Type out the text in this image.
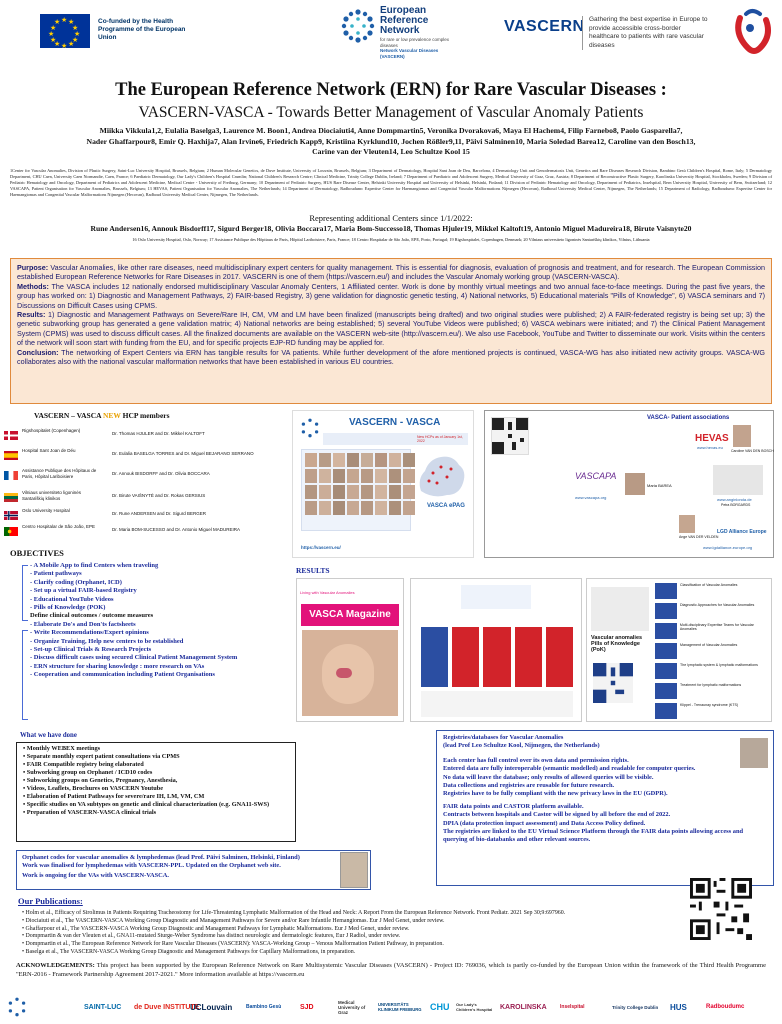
★ ★
★
★
★
★
★
★
★
★
★
★	Co-funded by the Health Programme of the European Union
European
Reference
Network
for rare or low prevalence complex diseases
Network Vascular Diseases (VASCERN)
VASCERN Gathering the best expertise in Europe to provide accessible cross-border healthcare to patients with rare vascular diseases
The European Reference Network (ERN) for Rare Vascular Diseases :
VASCERN-VASCA - Towards Better Management of Vascular Anomaly Patients
Miikka Vikkula1,2, Eulalia Baselga3, Laurence M. Boon1, Andrea Diociaiuti4, Anne Dompmartin5, Veronika Dvorakova6, Maya El Hachem4, Filip Farnebo8, Paolo Gasparella7,
Nader Ghaffarpour8, Emir Q. Haxhija7, Alan Irvine6, Friedrich Kapp9, Kristiina Kyrklund10, Jochen Rößler9,11, Päivi Salminen10, Maria Soledad Barea12, Caroline van den Bosch13,
Carine van der Vleuten14, Leo Schultze Kool 15
1Center for Vascular Anomalies, Division of Plastic Surgery, Saint-Luc University Hospital, Brussels, Belgium; 2 Human Molecular Genetics, de Duve Institute, University of Louvain, Brussels, Belgium; 3 Department of Dermatology, Hospital Sant Joan de Deu, Barcelona, 4 Dermatology Unit and Genodermatosis Unit, Genetics and Rare Diseases Research Division, Bambino Gesù Children's Hospital, Rome, Italy; 5 Dermatology Department, CHU Caen, University Caen Normandie, Caen, France; 6 Paediatric Dermatology, Our Lady's Children's Hospital Crumlin; National Children's Research Centre; Clinical Medicine, Trinity College Dublin, Ireland; 7 Department of Paediatric and Adolescent Surgery, Medical University of Graz, Graz, Austria; 8 Department of Reconstructive Plastic Surgery, Karolinska University Hospital, Stockholm, Sweden; 9 Division of Pediatric Hematology and Oncology, Department of Pediatrics and Adolescent Medicine, Medical Centre - University of Freiburg, Germany; 10 Department of Pediatric Surgery, HUS Rare Disease Center, Helsinki University Hospital and University of Helsinki, Helsinki, Finland; 11 Division of Pediatric Hematology and Oncology, Department of Pediatrics, Inselspital, Bern University Hospital, University of Bern, Switzerland; 12 VASCAPA, Patient Organisation for Vascular Anomalies, Brussels, Belgium; 13 HEVAS, Patient Organisation for Vascular Anomalies, The Netherlands; 14 Department of Dermatology, Radboudumc Expertise Center for Haemangiomas and Congenital Vascular Malformations Nijmegen (Hecovan), Radboud University Medical Center, Nijmegen, The Netherlands; 15 Department of Radiology, Radboudumc Expertise Center for Haemangiomas and Congenital Vascular Malformations Nijmegen (Hecovan), Radboud University Medical Center, Nijmegen, The Netherlands.
Representing additional Centers since 1/1/2022:
Rune Andersen16, Annouk Bisdorff17, Sigurd Berger18, Olivia Boccara17, Maria Bom-Successo18, Thomas Hjuler19, Mikkel Kaltoft19, Antonio Miguel Madureira18, Birute Vaisnyte20
16 Oslo University Hospital, Oslo, Norway; 17 Assistance Publique des Hôpitaux de Paris, Hôpital Lariboisiere, Paris, France; 18 Centro Hospitalar de São João, EPE, Porto, Portugal; 19 Rigshospitalet, Copenhagen, Denmark; 20 Vilniaus universiteto ligoninės Santariškių klinikos, Vilnius, Lithuania

Purpose: Vascular Anomalies, like other rare diseases, need multidisciplinary expert centers for quality management. This is essential for diagnosis, evaluation of prognosis and treatment, and for research. The European Commission established European Reference Networks for Rare Diseases in 2017. VASCERN is one of them (https://vascern.eu/) and includes the Vascular Anomaly working group (VASCERN-VASCA).

Methods: The VASCA includes 12 nationally endorsed multidisciplinary Vascular Anomaly Centers, 1 Affiliated center. Work is done by monthly virtual meetings and two annual face-to-face meetings. During the past five years, the group has worked on: 1) Diagnostic and Management Pathways, 2) FAIR-based Registry, 3) gene validation for diagnostic genetic testing, 4) National networks, 5) Educational materials "Pills of Knowledge", 6) VASCA seminars and 7) Discussions on Difficult Cases using CPMS.

Results: 1) Diagnostic and Management Pathways on Severe/Rare IH, CM, VM and LM have been finalized (manuscripts being drafted) and two original studies were published; 2) A FAIR-federated registry is being set up; 3) the genetic subworking group has generated a gene validation matrix; 4) National networks are being established; 5) several YouTube Videos were published; 6) VASCA webinars were initiated; and 7) the Clinical Patient Management System (CPMS) was used to discuss difficult cases. All the finalized documents are available on the VASCERN web-site (http://vascern.eu/). We also use Facebook, YouTube and Twitter to disseminate our work. Visits within the centers of the network will soon start with funding from the EU, and for specific projects EJP-RD funding may be applied for.

Conclusion: The networking of Expert Centers via ERN has tangible results for VA patients. While further development of the afore mentioned projects is continued, VASCA-WG has also initiated new activity groups. VASCA-WG collaborates also with the national vascular malformation networks that have been established in various EU countries.

VASCERN – VASCA NEW HCP members
Rigshospitalet (Copenhagen)
Dr. Thomas HJULER and Dr. Mikkel KALTOFT
Hospital Sant Joan de Déu
Dr. Eulalia BASELGA TORRES and Dr. Miguel BEJARANO SERRANO
Assistance Publique des Hôpitaux de Paris, Hôpital Lariboisiere
Dr. Annouk BISDORFF and Dr. Olivia BOCCARA
Vilniaus universiteto ligoninės Santariškių klinikos
Dr. Birute VAIŠNYTĖ and Dr. Rokas GERSIUS
Oslo University Hospital
Dr. Rune ANDERSEN and Dr. Sigurd BERGER
Centro Hospitalar de São João, EPE
Dr. Maria BOM-SUCESSO and Dr. Antonio Miguel MADUREIRA
OBJECTIVES
- A Mobile App to find Centers when traveling
- Patient pathways
- Clarify coding (Orphanet, ICD)
- Set up a virtual FAIR-based Registry
- Educational YouTube Videos
- Pills of Knowledge (POK)
Define clinical outcomes / outcome measures
- Elaborate Do's and Don'ts factsheets
- Write Recommendations/Expert opinions
- Organize Training, Help new centers to be established
- Set-up Clinical Trials & Research Projects
- Discuss difficult cases using secured Clinical Patient Management System
- ERN structure for sharing knowledge : more research on VAs
- Cooperation and communication including Patient Organisations
What we have done
• Monthly WEBEX meetings
• Separate monthly expert patient consultations via CPMS
• FAIR Compatible registry being elaborated
• Subworking group on Orphanet / ICD10 codes
• Subworking groups on Genetics, Pregnancy, Anesthesia,
• Videos, Leaflets, Brochures on VASCERN Youtube
• Elaboration of Patient Pathways for severe/rare IH, LM, VM, CM
• Specific studies on VA subtypes on genetic and clinical characterization (e.g. GNA11-SWS)
• Preparation of VASCERN-VASCA clinical trials
Orphanet codes for vascular anomalies & lymphedemas (lead Prof. Päivi Salminen, Helsinki, Finland)
Work was finalised for lymphedemas with VASCERN-PPL. Updated on the Orphanet web site.
Work is ongoing for the VAs with VASCERN-VASCA.
VASCERN - VASCA
New HCPs as of January 1st, 2022
VASCA ePAG
https://vascern.eu/
VASCA- Patient associations
HEVAS
www.hevas.eu
Caroline VAN DEN BOSCH
VASCAPA
www.vascapa.org
Maria BAREA
www.anginlonda.de
Petra BORGARDS
Ange VAN DER VELDEN
LGD Alliance Europe
www.lgdalliance-europe.org
RESULTS
VASCA Magazine
Living with Vascular Anomalies
Vascular anomalies Pills of Knowledge (PoK)
Classification of Vascular Anomalies
Diagnostic Approaches for Vascular Anomalies
Multi-disciplinary Expertise Teams for Vascular Anomalies
Management of Vascular Anomalies
The lymphatic system & lymphatic malformations
Treatment for lymphatic malformations
Klippel - Trenaunay syndrome (KTS)
Registries/databases for Vascular Anomalies
(lead Prof Leo Schultze Kool, Nijmegen, the Netherlands)
Each center has full control over its own data and permission rights.
Entered data are fully interoperable (semantic modelled) and readable for computer queries.
No data will leave the database; only results of allowed queries will be visible.
Data collections and registries are reusable for future research.
Registries have to be fully compliant with the new privacy laws in the EU (GDPR).
FAIR data points and CASTOR platform available.
Contracts between hospitals and Castor will be signed by all before the end of 2022.
DPIA (data protection impact assessment) and Data Access Policy defined.
The registries are linked to the EU Virtual Science Platform through the FAIR data points allowing access and querying of bio-databanks and other relevant sources.
Our Publications:
• Holm et al., Efficacy of Sirolimus in Patients Requiring Tracheostomy for Life-Threatening Lymphatic Malformation of the Head and Neck: A Report From the European Reference Network. Front Pediatr. 2021 Sep 30;9:697960.
• Diociaiuti et al., The VASCERN-VASCA Working Group Diagnostic and Management Pathways for Severe and/or Rare Infantile Hemangiomas. Eur J Med Genet, under review.
• Ghaffarpour et al., The VASCERN-VASCA Working Group Diagnostic and Management Pathways for Lymphatic Malformations. Eur J Med Genet, under review.
• Dompmartin & van der Vleuten et al., GNA11-mutated Sturge-Weber Syndrome has distinct neurologic and dermatologic features, Eur J Radiol, under review.
• Dompmartin et al., The European Reference Network for Rare Vascular Diseases (VASCERN): VASCA-Working Group – Venous Malformation Patient Pathway, in preparation.
• Baselga et al., The VASCERN-VASCA Working Group Diagnostic and Management Pathways for Capillary Malformations, in preparation.
ACKNOWLEDGEMENTS: This project has been supported by the European Reference Network on Rare Multisystemic Vascular Diseases (VASCERN) - Project ID: 769036, which is partly co-funded by the European Union within the framework of the Third Health Programme "ERN-2016 - Framework Partnership Agreement 2017-2021." More information available at https://vascern.eu
SAINT-LUC de Duve INSTITUTE
UCLouvain	Bambino Gesù	SJD
Medical University of Graz
UNIVERSITÄTS KLINIKUM FREIBURG CHU Our Lady's Children's Hospital	KAROLINSKA	Inselspital	Trinity College Dublin	HUS	Radboudumc
